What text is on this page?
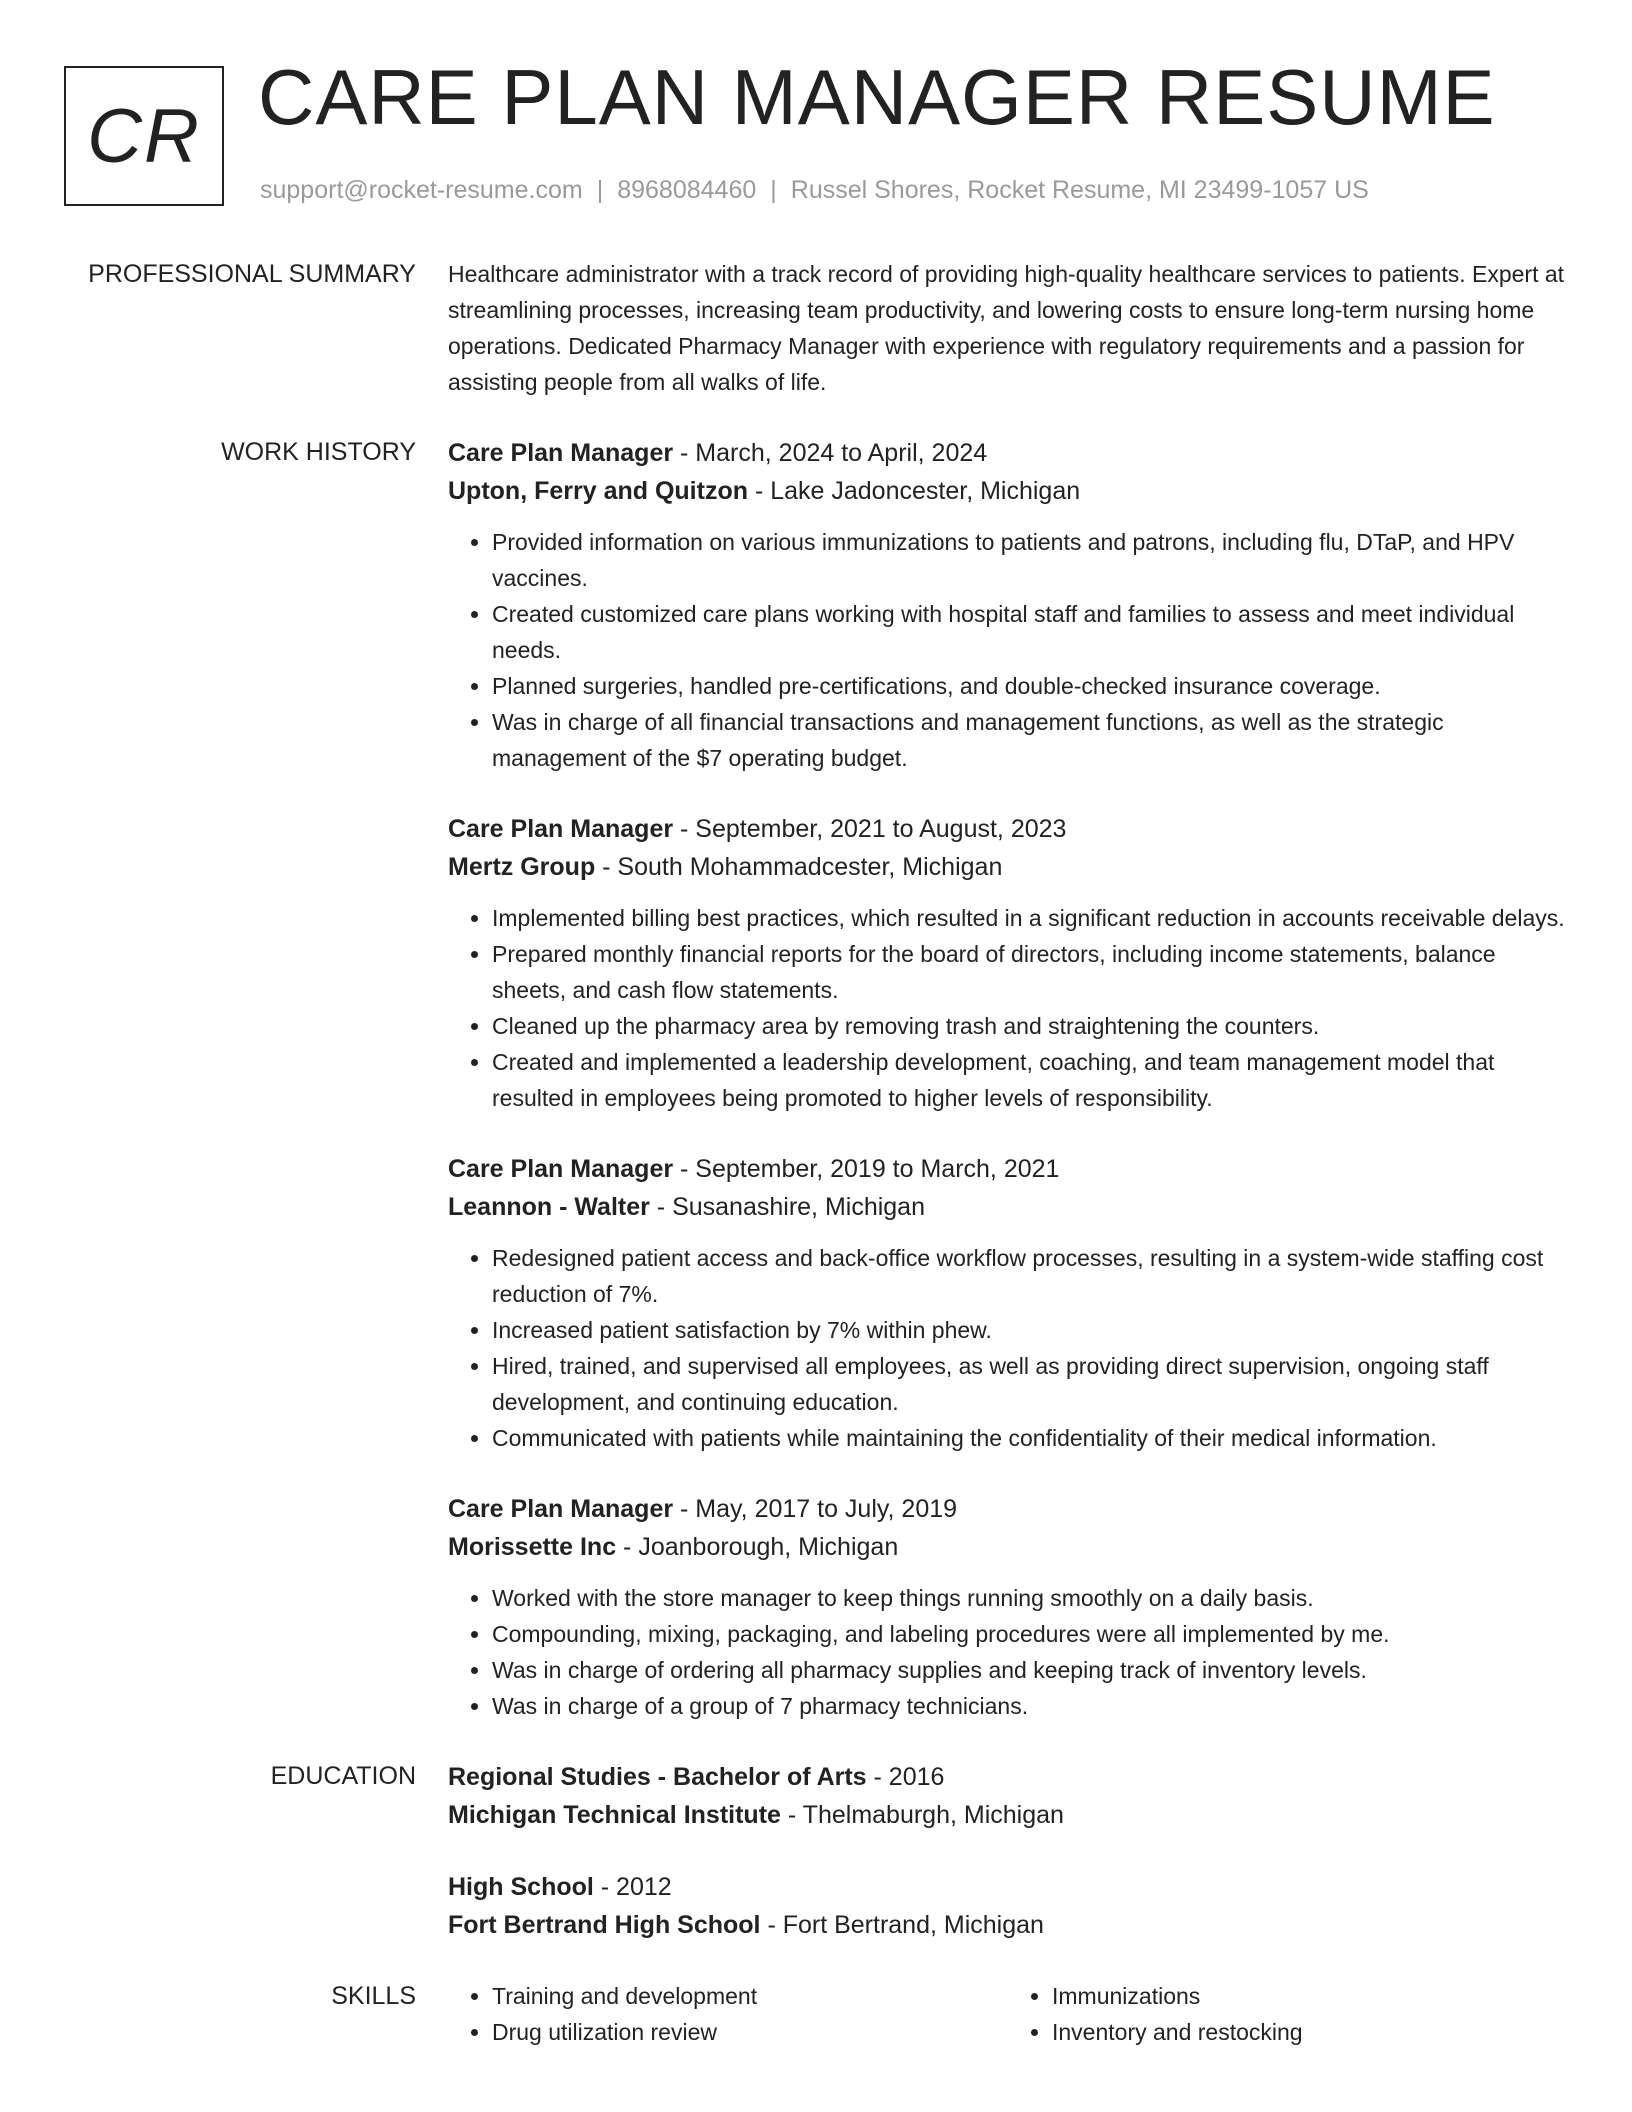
CR CARE PLAN MANAGER RESUME
support@rocket-resume.com | 8968084460 | Russel Shores, Rocket Resume, MI 23499-1057 US
PROFESSIONAL SUMMARY Healthcare administrator with a track record of providing high-quality healthcare services to patients. Expert at streamlining processes, increasing team productivity, and lowering costs to ensure long-term nursing home operations. Dedicated Pharmacy Manager with experience with regulatory requirements and a passion for assisting people from all walks of life.

WORK HISTORY Care Plan Manager - March, 2024 to April, 2024
Upton, Ferry and Quitzon - Lake Jadoncester, Michigan
• Provided information on various immunizations to patients and patrons, including flu, DTaP, and HPV vaccines.
• Created customized care plans working with hospital staff and families to assess and meet individual needs.
• Planned surgeries, handled pre-certifications, and double-checked insurance coverage.
• Was in charge of all financial transactions and management functions, as well as the strategic management of the $7 operating budget.
Care Plan Manager - September, 2021 to August, 2023
Mertz Group - South Mohammadcester, Michigan
• Implemented billing best practices, which resulted in a significant reduction in accounts receivable delays.
• Prepared monthly financial reports for the board of directors, including income statements, balance sheets, and cash flow statements.
• Cleaned up the pharmacy area by removing trash and straightening the counters.
• Created and implemented a leadership development, coaching, and team management model that resulted in employees being promoted to higher levels of responsibility.
Care Plan Manager - September, 2019 to March, 2021
Leannon - Walter - Susanashire, Michigan
• Redesigned patient access and back-office workflow processes, resulting in a system-wide staffing cost reduction of 7%.
• Increased patient satisfaction by 7% within phew.
• Hired, trained, and supervised all employees, as well as providing direct supervision, ongoing staff development, and continuing education.
• Communicated with patients while maintaining the confidentiality of their medical information.
Care Plan Manager - May, 2017 to July, 2019
Morissette Inc - Joanborough, Michigan
• Worked with the store manager to keep things running smoothly on a daily basis.
• Compounding, mixing, packaging, and labeling procedures were all implemented by me.
• Was in charge of ordering all pharmacy supplies and keeping track of inventory levels.
• Was in charge of a group of 7 pharmacy technicians.
EDUCATION Regional Studies - Bachelor of Arts - 2016
Michigan Technical Institute - Thelmaburgh, Michigan
High School - 2012
Fort Bertrand High School - Fort Bertrand, Michigan
SKILLS
•	Training and development
• Drug utilization review
• Immunizations
• Inventory and restocking
